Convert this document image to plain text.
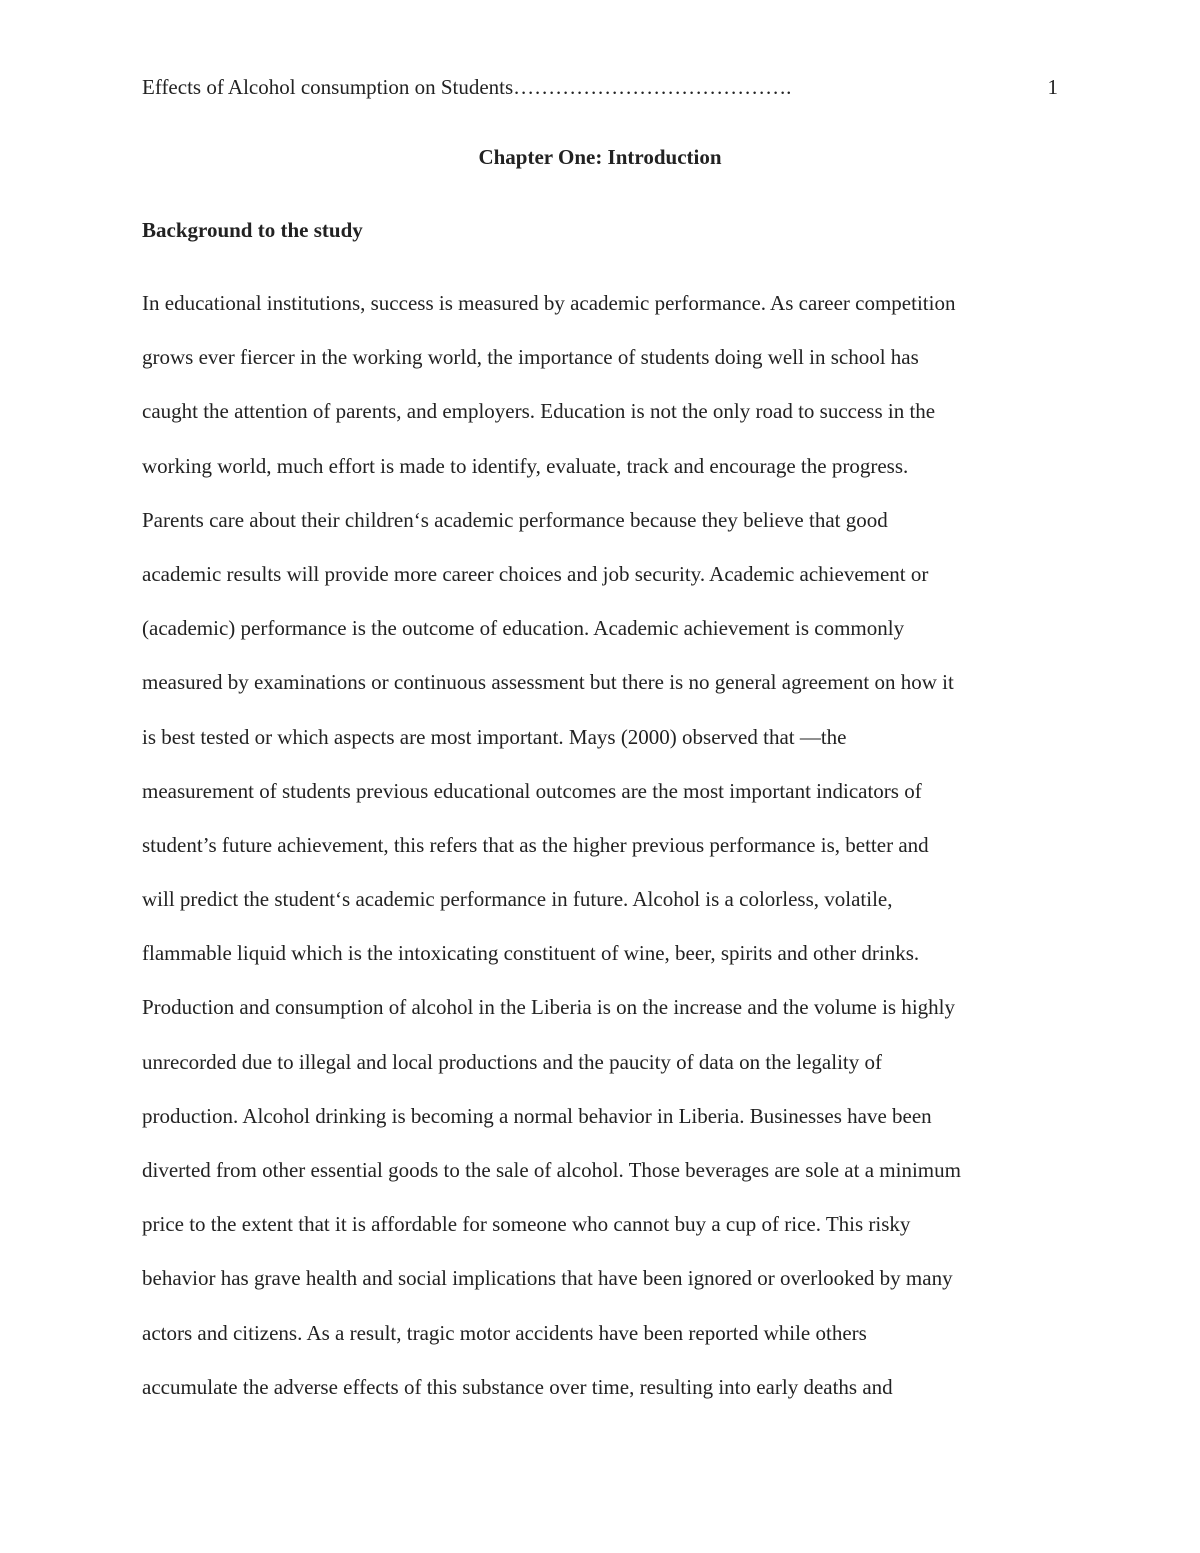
Effects of Alcohol consumption on Students………………………………….	1
Chapter One: Introduction
Background to the study
In educational institutions, success is measured by academic performance. As career competition
grows ever fiercer in the working world, the importance of students doing well in school has
caught the attention of parents, and employers. Education is not the only road to success in the
working world, much effort is made to identify, evaluate, track and encourage the progress.
Parents care about their children‘s academic performance because they believe that good
academic results will provide more career choices and job security. Academic achievement or
(academic) performance is the outcome of education. Academic achievement is commonly
measured by examinations or continuous assessment but there is no general agreement on how it
is best tested or which aspects are most important. Mays (2000) observed that ―the
measurement of students previous educational outcomes are the most important indicators of
student’s future achievement, this refers that as the higher previous performance is, better and
will predict the student‘s academic performance in future. Alcohol is a colorless, volatile,
flammable liquid which is the intoxicating constituent of wine, beer, spirits and other drinks.
Production and consumption of alcohol in the Liberia is on the increase and the volume is highly
unrecorded due to illegal and local productions and the paucity of data on the legality of
production. Alcohol drinking is becoming a normal behavior in Liberia. Businesses have been
diverted from other essential goods to the sale of alcohol. Those beverages are sole at a minimum
price to the extent that it is affordable for someone who cannot buy a cup of rice. This risky
behavior has grave health and social implications that have been ignored or overlooked by many
actors and citizens. As a result, tragic motor accidents have been reported while others
accumulate the adverse effects of this substance over time, resulting into early deaths and
